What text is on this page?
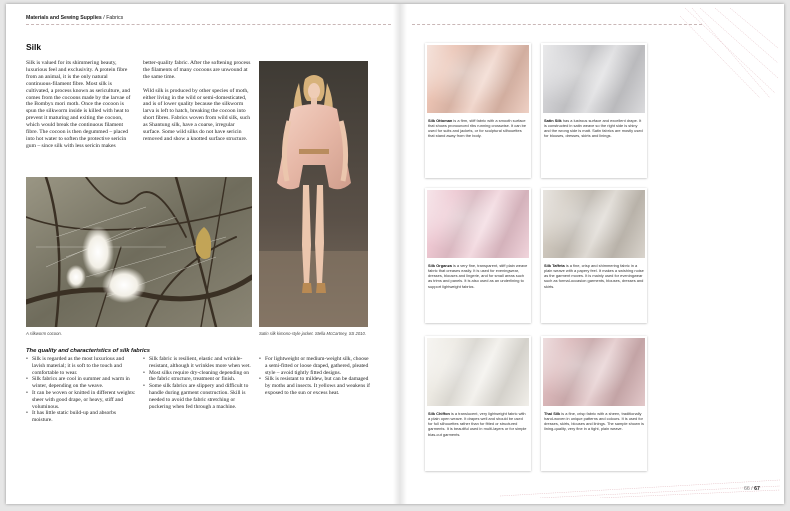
Materials and Sewing Supplies / Fabrics
Silk

Silk is valued for its shimmering beauty, luxurious feel and exclusivity. A protein fibre from an animal, it is the only natural continuous-filament fibre. Most silk is cultivated, a process known as sericulture, and comes from the cocoons made by the larvae of the Bombyx mori moth. Once the cocoon is spun the silkworm inside is killed with heat to prevent it maturing and exiting the cocoon, which would break the continuous filament fibre. The cocoon is then degummed – placed into hot water to soften the protective sericin gum – since silk with less sericin makes

better-quality fabric. After the softening process the filaments of many cocoons are unwound at the same time.

Wild silk is produced by other species of moth, either living in the wild or semi-domesticated, and is of lower quality because the silkworm larva is left to hatch, breaking the cocoon into short fibres. Fabrics woven from wild silk, such as Shantung silk, have a coarse, irregular surface. Some wild silks do not have sericin removed and show a knotted surface structure.

A silkworm cocoon.	Satin silk kimono-style jacket. Stella McCartney, SS 2010.
The quality and characteristics of silk fabrics
• Silk is regarded as the most luxurious and lavish material; it is soft to the touch and comfortable to wear.
• Silk fabrics are cool in summer and warm in winter, depending on the weave.
• It can be woven or knitted in different weights: sheer with good drape, or heavy, stiff and voluminous.
• It has little static build-up and absorbs moisture.
• Silk fabric is resilient, elastic and wrinkle-resistant, although it wrinkles more when wet.
• Most silks require dry-cleaning depending on the fabric structure, treatment or finish.
• Some silk fabrics are slippery and difficult to handle during garment construction. Skill is needed to avoid the fabric stretching or puckering when fed through a machine.
• For lightweight or medium-weight silk, choose a semi-fitted or loose draped, gathered, pleated style – avoid tightly fitted designs.
• Silk is resistant to mildew, but can be damaged by moths and insects. It yellows and weakens if exposed to the sun or excess heat.

Silk Ottoman is a firm, stiff fabric with a smooth surface that shows pronounced ribs running crosswise. It can be used for suits and jackets, or for sculptural silhouettes that stand away from the body.

Satin Silk has a lustrous surface and excellent drape. It is constructed in satin weave so the right side is shiny and the wrong side is matt. Satin fabrics are mostly used for blouses, dresses, skirts and linings.

Silk Organza is a very fine, transparent, stiff plain weave fabric that creases easily. It is used for eveningwear, dresses, blouses and lingerie, and for small areas such as trims and panels. It is also used as an underlining to support lightweight fabrics.

Silk Taffeta is a fine, crisp and shimmering fabric in a plain weave with a papery feel. It makes a swishing noise as the garment moves. It is mainly used for eveningwear such as formal-occasion garments, blouses, dresses and skirts.

Silk Chiffon is a translucent, very lightweight fabric with a plain open weave. It drapes well and should be used for full silhouettes rather than for fitted or structured garments. It is beautiful used in multi-layers or for simple bias-cut garments.

Thai Silk is a fine, crisp fabric with a sheen, traditionally hand-woven in unique patterns and colours. It is used for dresses, skirts, blouses and linings. The sample shown is lining-quality, very fine in a tight, plain weave.

66 / 67
